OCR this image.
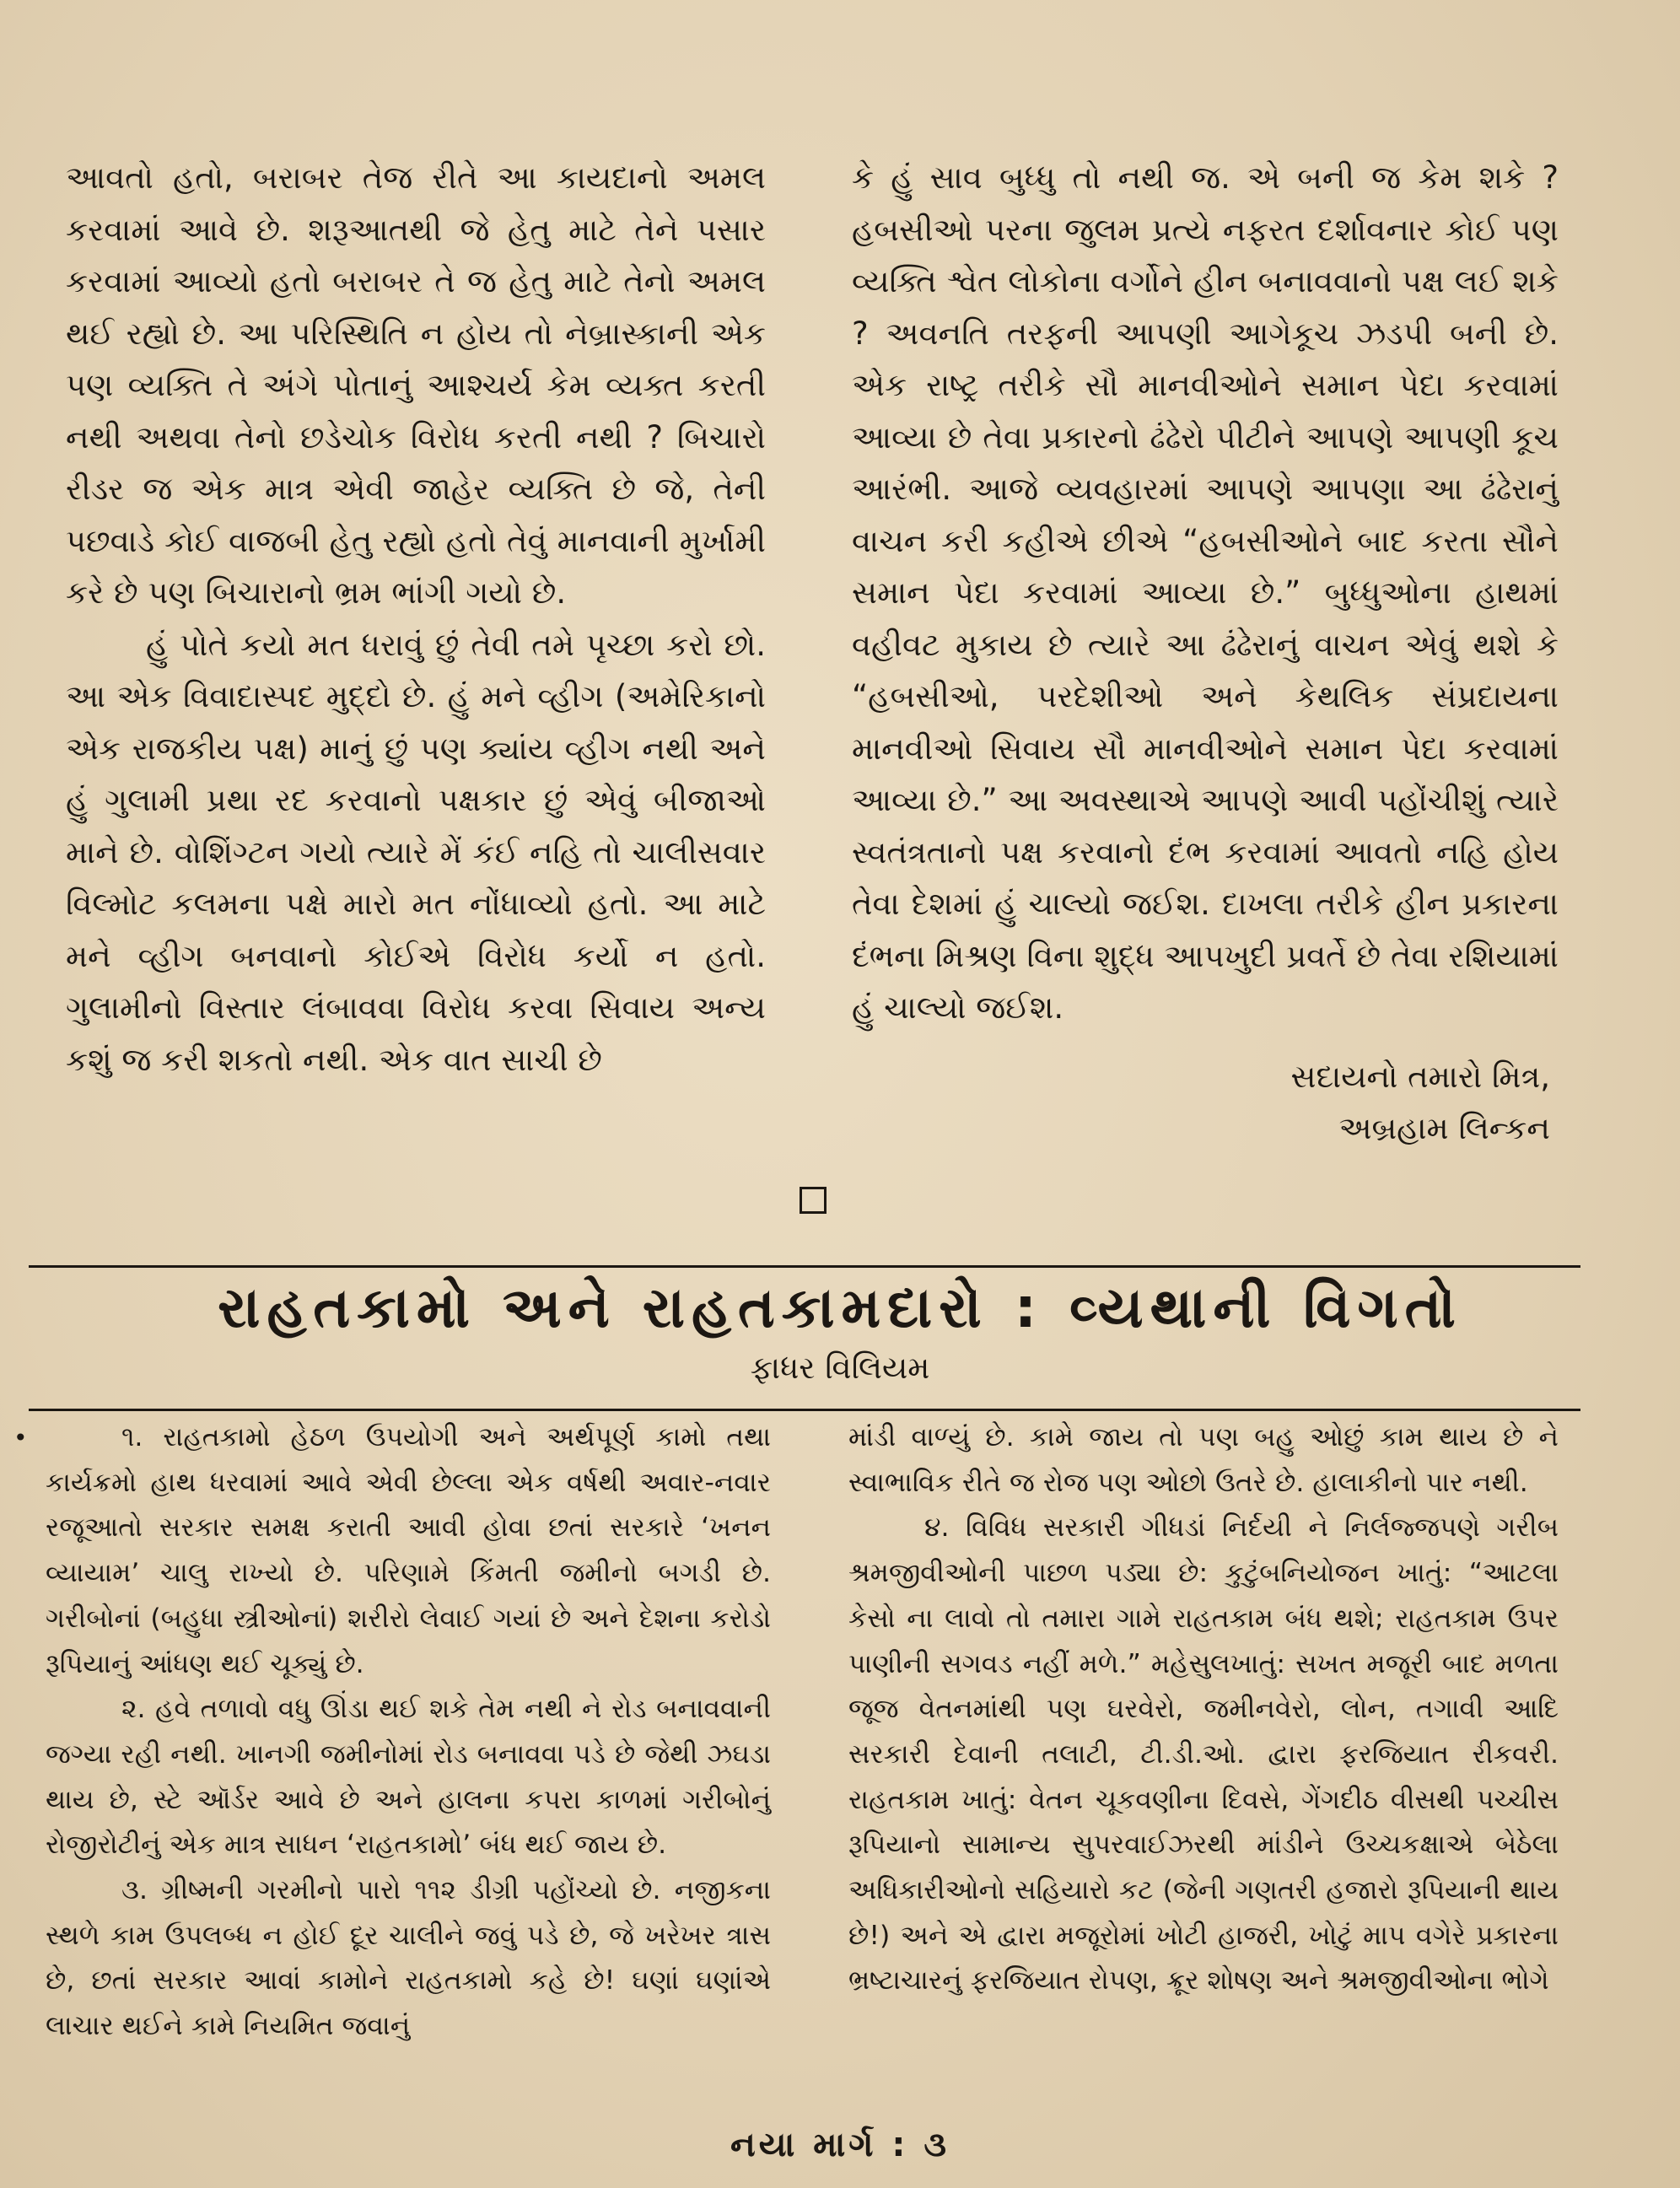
આવતો હતો, બરાબર તેજ રીતે આ કાયદાનો અમલ કરવામાં આવે છે. શરૂઆતથી જે હેતુ માટે તેને પસાર કરવામાં આવ્યો હતો બરાબર તે જ હેતુ માટે તેનો અમલ થઈ રહ્યો છે. આ પરિસ્થિતિ ન હોય તો નેબ્રાસ્કાની એક પણ વ્યક્તિ તે અંગે પોતાનું આશ્ચર્ય કેમ વ્યક્ત કરતી નથી અથવા તેનો છડેચોક વિરોધ કરતી નથી ? બિચારો રીડર જ એક માત્ર એવી જાહેર વ્યક્તિ છે જે, તેની પછવાડે કોઈ વાજબી હેતુ રહ્યો હતો તેવું માનવાની મુર્ખામી કરે છે પણ બિચારાનો ભ્રમ ભાંગી ગયો છે.

હું પોતે કયો મત ધરાવું છું તેવી તમે પૃચ્છા કરો છો. આ એક વિવાદાસ્પદ મુદ્દો છે. હું મને વ્હીગ (અમેરિકાનો એક રાજકીય પક્ષ) માનું છું પણ ક્યાંય વ્હીગ નથી અને હું ગુલામી પ્રથા રદ કરવાનો પક્ષકાર છું એવું બીજાઓ માને છે. વોશિંગ્ટન ગયો ત્યારે મેં કંઈ નહિ તો ચાલીસવાર વિલ્મોટ કલમના પક્ષે મારો મત નોંધાવ્યો હતો. આ માટે મને વ્હીગ બનવાનો કોઈએ વિરોધ કર્યો ન હતો. ગુલામીનો વિસ્તાર લંબાવવા વિરોધ કરવા સિવાય અન્ય કશું જ કરી શકતો નથી. એક વાત સાચી છે

કે હું સાવ બુધ્ધુ તો નથી જ. એ બની જ કેમ શકે ? હબસીઓ પરના જુલમ પ્રત્યે નફરત દર્શાવનાર કોઈ પણ વ્યક્તિ શ્વેત લોકોના વર્ગોને હીન બનાવવાનો પક્ષ લઈ શકે ? અવનતિ તરફની આપણી આગેકૂચ ઝડપી બની છે. એક રાષ્ટ્ર તરીકે સૌ માનવીઓને સમાન પેદા કરવામાં આવ્યા છે તેવા પ્રકારનો ઢંઢેરો પીટીને આપણે આપણી કૂચ આરંભી. આજે વ્યવહારમાં આપણે આપણા આ ઢંઢેરાનું વાચન કરી કહીએ છીએ “હબસીઓને બાદ કરતા સૌને સમાન પેદા કરવામાં આવ્યા છે.” બુધ્ધુઓના હાથમાં વહીવટ મુકાય છે ત્યારે આ ઢંઢેરાનું વાચન એવું થશે કે “હબસીઓ, પરદેશીઓ અને કેથલિક સંપ્રદાયના માનવીઓ સિવાય સૌ માનવીઓને સમાન પેદા કરવામાં આવ્યા છે.” આ અવસ્થાએ આપણે આવી પહોંચીશું ત્યારે સ્વતંત્રતાનો પક્ષ કરવાનો દંભ કરવામાં આવતો નહિ હોય તેવા દેશમાં હું ચાલ્યો જઈશ. દાખલા તરીકે હીન પ્રકારના દંભના મિશ્રણ વિના શુદ્ધ આપખુદી પ્રવર્તે છે તેવા રશિયામાં હું ચાલ્યો જઈશ.

સદાયનો તમારો મિત્ર,
અબ્રહામ લિન્કન
રાહતકામો અને રાહતકામદારો : વ્યથાની વિગતો
ફાધર વિલિયમ
•	૧. રાહતકામો હેઠળ ઉપયોગી અને અર્થપૂર્ણ કામો તથા કાર્યક્રમો હાથ ધરવામાં આવે એવી છેલ્લા એક વર્ષથી અવાર-નવાર રજૂઆતો સરકાર સમક્ષ કરાતી આવી હોવા છતાં સરકારે ‘ખનન વ્યાયામ’ ચાલુ રાખ્યો છે. પરિણામે કિંમતી જમીનો બગડી છે. ગરીબોનાં (બહુધા સ્ત્રીઓનાં) શરીરો લેવાઈ ગયાં છે અને દેશના કરોડો રૂપિયાનું આંધણ થઈ ચૂક્યું છે.

૨. હવે તળાવો વધુ ઊંડા થઈ શકે તેમ નથી ને રોડ બનાવવાની જગ્યા રહી નથી. ખાનગી જમીનોમાં રોડ બનાવવા પડે છે જેથી ઝઘડા થાય છે, સ્ટે ઑર્ડર આવે છે અને હાલના કપરા કાળમાં ગરીબોનું રોજીરોટીનું એક માત્ર સાધન ‘રાહતકામો’ બંધ થઈ જાય છે.

૩. ગ્રીષ્મની ગરમીનો પારો ૧૧૨ ડીગ્રી પહોંચ્યો છે. નજીકના સ્થળે કામ ઉપલબ્ધ ન હોઈ દૂર ચાલીને જવું પડે છે, જે ખરેખર ત્રાસ છે, છતાં સરકાર આવાં કામોને રાહતકામો કહે છે! ઘણાં ઘણાંએ લાચાર થઈને કામે નિયમિત જવાનું

માંડી વાળ્યું છે. કામે જાય તો પણ બહુ ઓછું કામ થાય છે ને સ્વાભાવિક રીતે જ રોજ પણ ઓછો ઉતરે છે. હાલાકીનો પાર નથી.

૪. વિવિધ સરકારી ગીધડાં નિર્દયી ને નિર્લજ્જપણે ગરીબ શ્રમજીવીઓની પાછળ પડ્યા છે: કુટુંબનિયોજન ખાતું: “આટલા કેસો ના લાવો તો તમારા ગામે રાહતકામ બંધ થશે; રાહતકામ ઉપર પાણીની સગવડ નહીં મળે.” મહેસુલખાતું: સખત મજૂરી બાદ મળતા જૂજ વેતનમાંથી પણ ઘરવેરો, જમીનવેરો, લોન, તગાવી આદિ સરકારી દેવાની તલાટી, ટી.ડી.ઓ. દ્વારા ફરજિયાત રીકવરી. રાહતકામ ખાતું: વેતન ચૂકવણીના દિવસે, ગેંગદીઠ વીસથી પચ્ચીસ રૂપિયાનો સામાન્ય સુપરવાઈઝરથી માંડીને ઉચ્ચકક્ષાએ બેઠેલા અધિકારીઓનો સહિયારો કટ (જેની ગણતરી હજારો રૂપિયાની થાય છે!) અને એ દ્વારા મજૂરોમાં ખોટી હાજરી, ખોટું માપ વગેરે પ્રકારના ભ્રષ્ટાચારનું ફરજિયાત રોપણ, ક્રૂર શોષણ અને શ્રમજીવીઓના ભોગે

નયા માર્ગ : ૩
